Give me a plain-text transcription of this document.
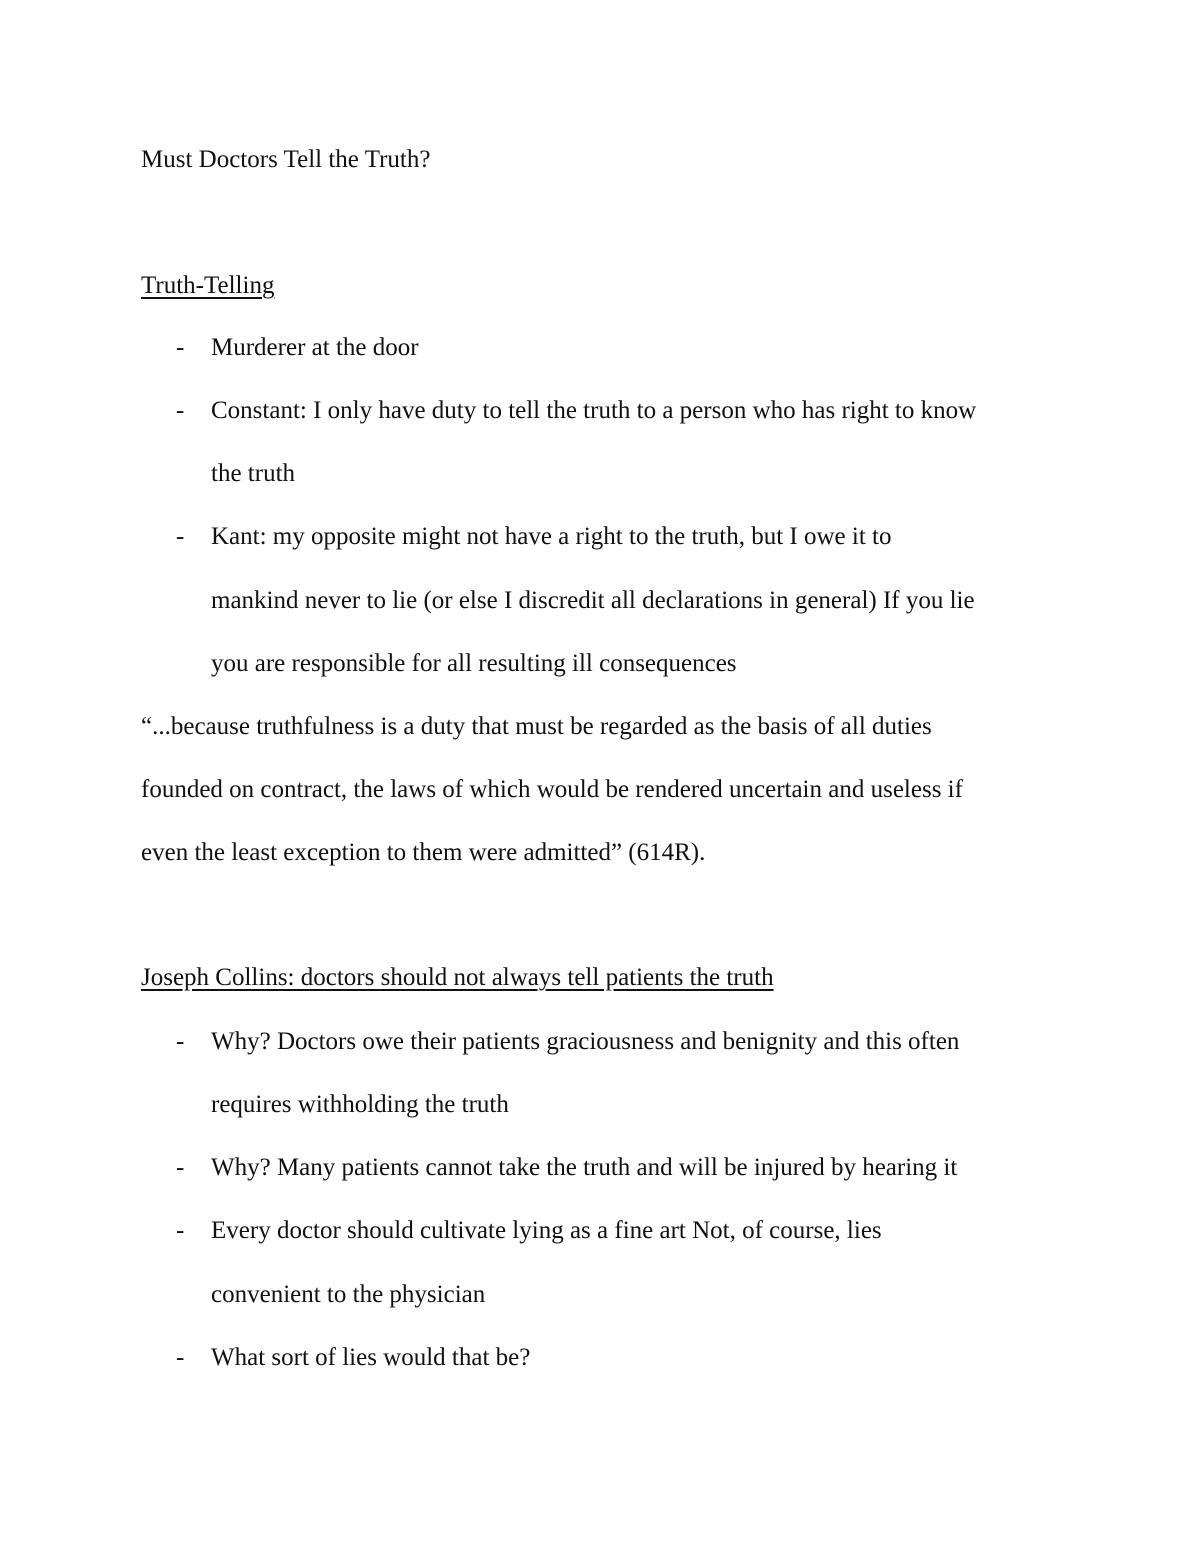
Must Doctors Tell the Truth?
Truth-Telling
- Murderer at the door
- Constant: I only have duty to tell the truth to a person who has right to know
the truth
- Kant: my opposite might not have a right to the truth, but I owe it to
mankind never to lie (or else I discredit all declarations in general) If you lie
you are responsible for all resulting ill consequences
“...because truthfulness is a duty that must be regarded as the basis of all duties
founded on contract, the laws of which would be rendered uncertain and useless if
even the least exception to them were admitted” (614R).
Joseph Collins: doctors should not always tell patients the truth
- Why? Doctors owe their patients graciousness and benignity and this often
requires withholding the truth
- Why? Many patients cannot take the truth and will be injured by hearing it
- Every doctor should cultivate lying as a fine art Not, of course, lies
convenient to the physician
- What sort of lies would that be?
